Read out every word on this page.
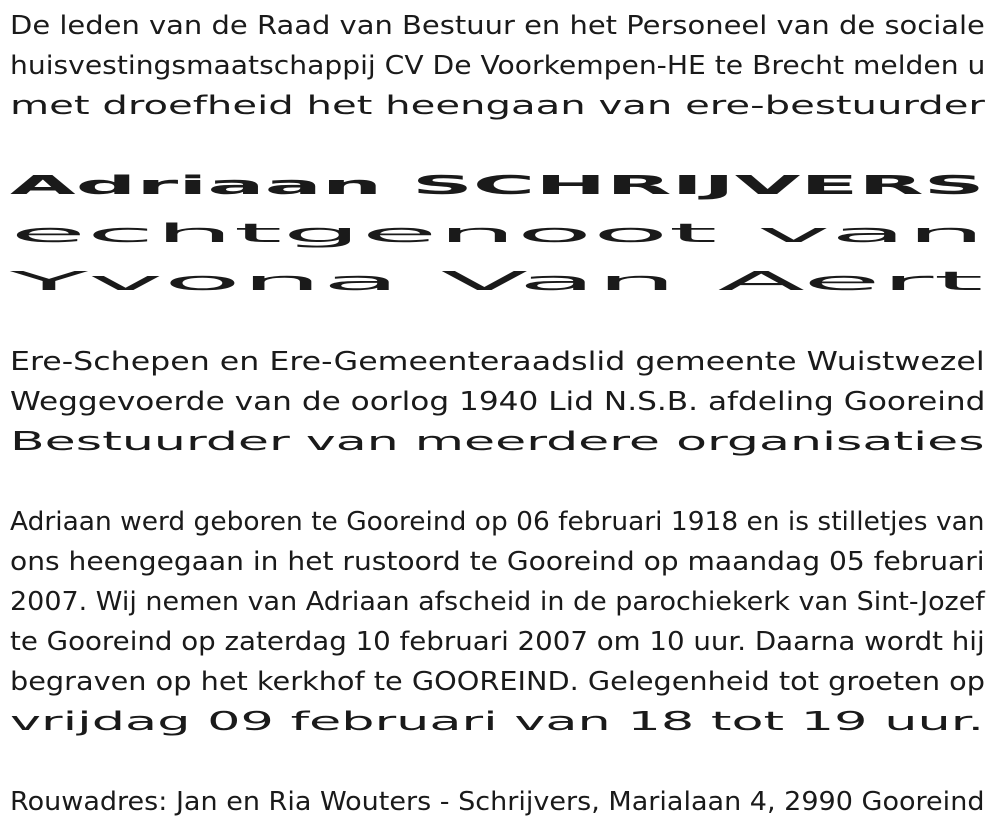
De leden van de Raad van Bestuur en het Personeel van de sociale huisvestingsmaatschappij CV De Voorkempen-HE te Brecht melden u met droefheid het heengaan van ere-bestuurder
Adriaan SCHRIJVERS
echtgenoot van
Yvona Van Aert
Ere-Schepen en Ere-Gemeenteraadslid gemeente Wuistwezel Weggevoerde van de oorlog 1940 Lid N.S.B. afdeling Gooreind Bestuurder van meerdere organisaties
Adriaan werd geboren te Gooreind op 06 februari 1918 en is stilletjes van ons heengegaan in het rustoord te Gooreind op maandag 05 februari 2007. Wij nemen van Adriaan afscheid in de parochiekerk van Sint-Jozef te Gooreind op zaterdag 10 februari 2007 om 10 uur. Daarna wordt hij begraven op het kerkhof te GOOREIND. Gelegenheid tot groeten op vrijdag 09 februari van 18 tot 19 uur.
Rouwadres: Jan en Ria Wouters - Schrijvers, Marialaan 4, 2990 Gooreind
